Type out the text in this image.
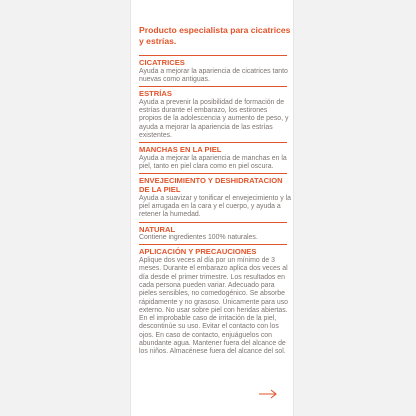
Producto especialista para cicatrices y estrías.
CICATRICES

Ayuda a mejorar la apariencia de cicatrices tanto nuevas como antiguas.

ESTRÍAS

Ayuda a prevenir la posibilidad de formación de estrías durante el embarazo, los estirones propios de la adolescencia y aumento de peso, y ayuda a mejorar la apariencia de las estrías existentes.

MANCHAS EN LA PIEL

Ayuda a mejorar la apariencia de manchas en la piel, tanto en piel clara como en piel oscura.

ENVEJECIMIENTO Y DESHIDRATACION DE LA PIEL

Ayuda a suavizar y tonificar el envejecimiento y la piel arrugada en la cara y el cuerpo, y ayuda a retener la humedad.

NATURAL

Contiene ingredientes 100% naturales.

APLICACIÓN Y PRECAUCIONES

Aplique dos veces al día por un mínimo de 3 meses. Durante el embarazo aplica dos veces al día desde el primer trimestre. Los resultados en cada persona pueden variar. Adecuado para pieles sensibles, no comedogénico. Se absorbe rápidamente y no grasoso. Únicamente para uso externo. No usar sobre piel con heridas abiertas. En el improbable caso de irritación de la piel, descontinúe su uso. Evitar el contacto con los ojos. En caso de contacto, enjuáguelos con abundante agua. Mantener fuera del alcance de los niños. Almacénese fuera del alcance del sol.
